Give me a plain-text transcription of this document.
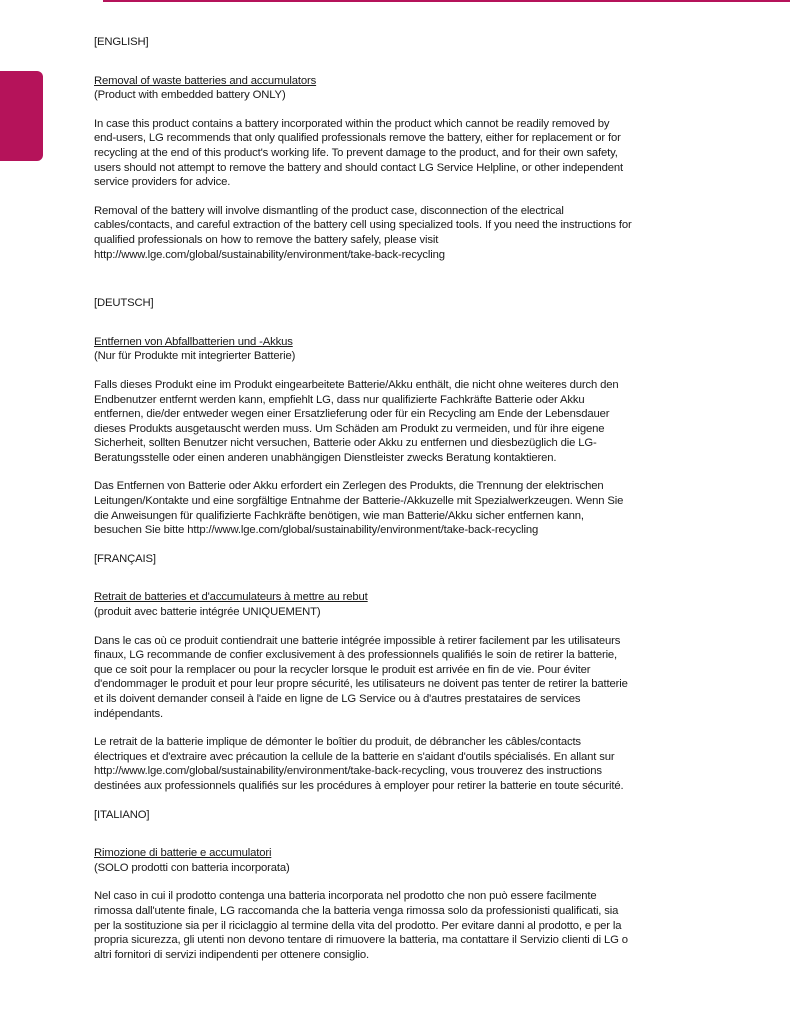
[ENGLISH]

Removal of waste batteries and accumulators
(Product with embedded battery ONLY)

In case this product contains a battery incorporated within the product which cannot be readily removed by end-users, LG recommends that only qualified professionals remove the battery, either for replacement or for recycling at the end of this product's working life. To prevent damage to the product, and for their own safety, users should not attempt to remove the battery and should contact LG Service Helpline, or other independent service providers for advice.

Removal of the battery will involve dismantling of the product case, disconnection of the electrical cables/contacts, and careful extraction of the battery cell using specialized tools. If you need the instructions for qualified professionals on how to remove the battery safely, please visit http://www.lge.com/global/sustainability/environment/take-back-recycling

[DEUTSCH]

Entfernen von Abfallbatterien und -Akkus
(Nur für Produkte mit integrierter Batterie)

Falls dieses Produkt eine im Produkt eingearbeitete Batterie/Akku enthält, die nicht ohne weiteres durch den Endbenutzer entfernt werden kann, empfiehlt LG, dass nur qualifizierte Fachkräfte Batterie oder Akku entfernen, die/der entweder wegen einer Ersatzlieferung oder für ein Recycling am Ende der Lebensdauer dieses Produkts ausgetauscht werden muss. Um Schäden am Produkt zu vermeiden, und für ihre eigene Sicherheit, sollten Benutzer nicht versuchen, Batterie oder Akku zu entfernen und diesbezüglich die LG-Beratungsstelle oder einen anderen unabhängigen Dienstleister zwecks Beratung kontaktieren.

Das Entfernen von Batterie oder Akku erfordert ein Zerlegen des Produkts, die Trennung der elektrischen Leitungen/Kontakte und eine sorgfältige Entnahme der Batterie-/Akkuzelle mit Spezialwerkzeugen. Wenn Sie die Anweisungen für qualifizierte Fachkräfte benötigen, wie man Batterie/Akku sicher entfernen kann, besuchen Sie bitte http://www.lge.com/global/sustainability/environment/take-back-recycling

[FRANÇAIS]

Retrait de batteries et d'accumulateurs à mettre au rebut
(produit avec batterie intégrée UNIQUEMENT)

Dans le cas où ce produit contiendrait une batterie intégrée impossible à retirer facilement par les utilisateurs finaux, LG recommande de confier exclusivement à des professionnels qualifiés le soin de retirer la batterie, que ce soit pour la remplacer ou pour la recycler lorsque le produit est arrivée en fin de vie. Pour éviter d'endommager le produit et pour leur propre sécurité, les utilisateurs ne doivent pas tenter de retirer la batterie et ils doivent demander conseil à l'aide en ligne de LG Service ou à d'autres prestataires de services indépendants.

Le retrait de la batterie implique de démonter le boîtier du produit, de débrancher les câbles/contacts électriques et d'extraire avec précaution la cellule de la batterie en s'aidant d'outils spécialisés. En allant sur http://www.lge.com/global/sustainability/environment/take-back-recycling, vous trouverez des instructions destinées aux professionnels qualifiés sur les procédures à employer pour retirer la batterie en toute sécurité.

[ITALIANO]

Rimozione di batterie e accumulatori
(SOLO prodotti con batteria incorporata)

Nel caso in cui il prodotto contenga una batteria incorporata nel prodotto che non può essere facilmente rimossa dall'utente finale, LG raccomanda che la batteria venga rimossa solo da professionisti qualificati, sia per la sostituzione sia per il riciclaggio al termine della vita del prodotto. Per evitare danni al prodotto, e per la propria sicurezza, gli utenti non devono tentare di rimuovere la batteria, ma contattare il Servizio clienti di LG o altri fornitori di servizi indipendenti per ottenere consiglio.
